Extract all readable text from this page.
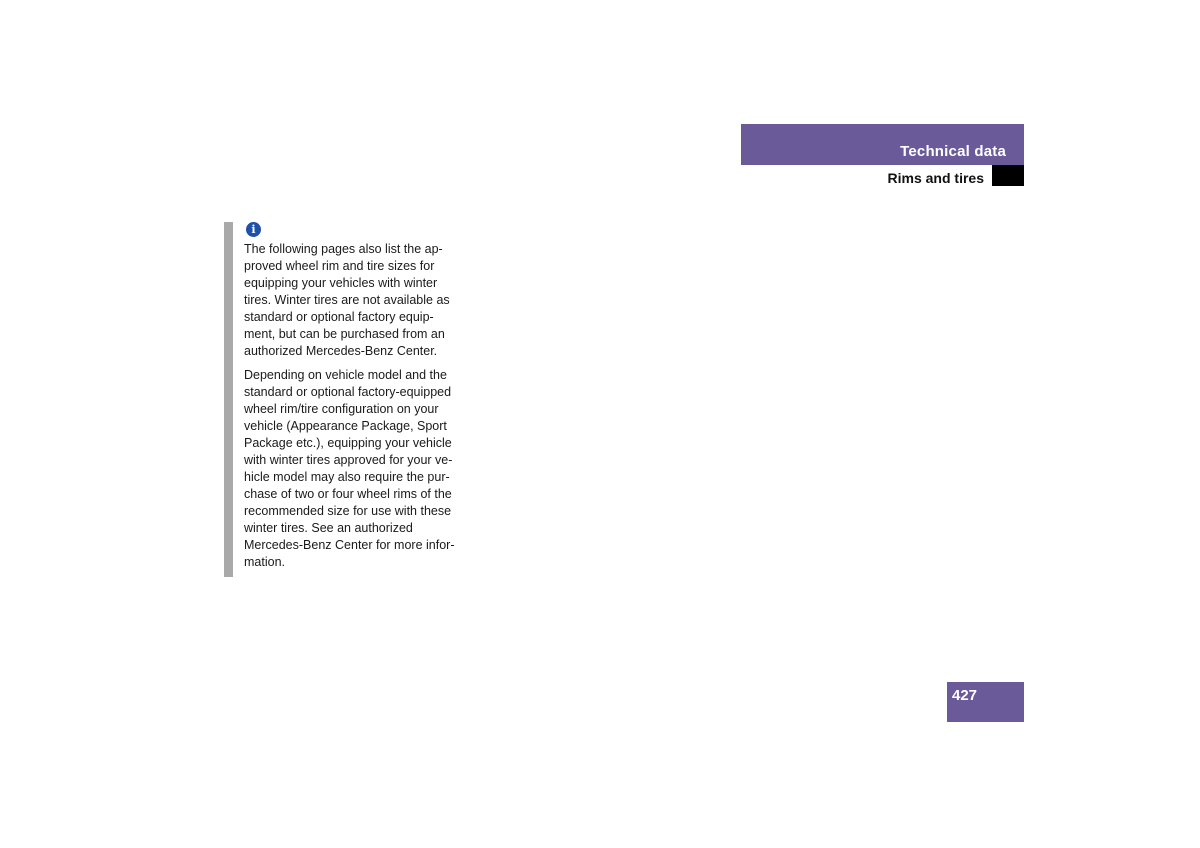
Technical data
Rims and tires
i

The following pages also list the ap-
proved wheel rim and tire sizes for
equipping your vehicles with winter
tires. Winter tires are not available as
standard or optional factory equip-
ment, but can be purchased from an
authorized Mercedes-Benz Center.

Depending on vehicle model and the
standard or optional factory-equipped
wheel rim/tire configuration on your
vehicle (Appearance Package, Sport
Package etc.), equipping your vehicle
with winter tires approved for your ve-
hicle model may also require the pur-
chase of two or four wheel rims of the
recommended size for use with these
winter tires. See an authorized
Mercedes-Benz Center for more infor-
mation.

427
